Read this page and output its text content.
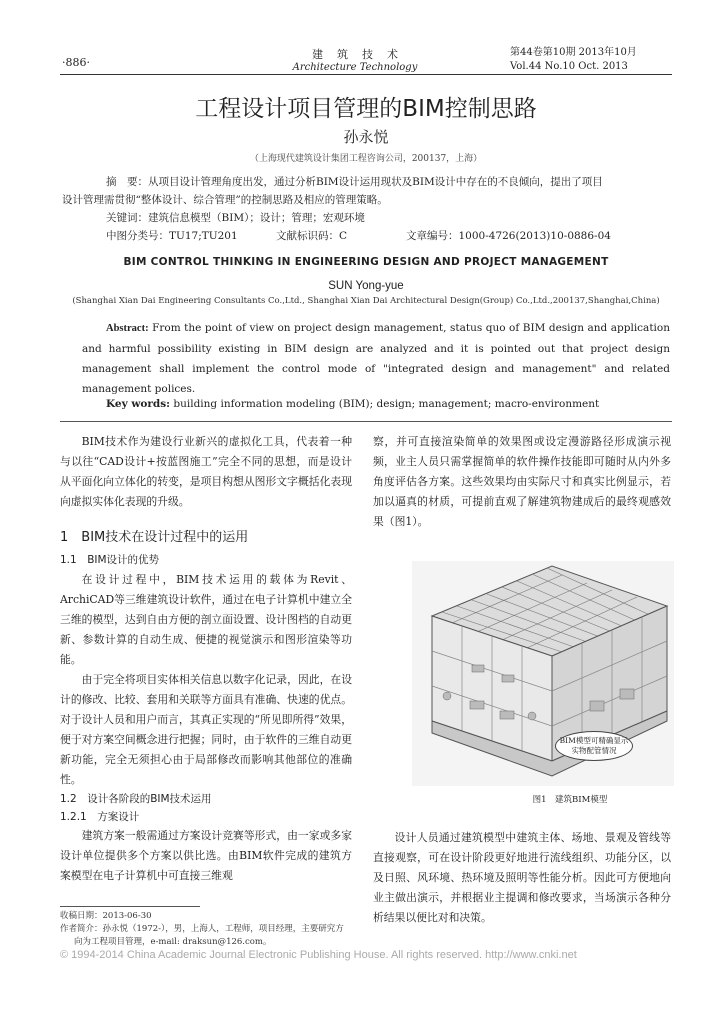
·886·
建筑技术
Architecture Technology
第44卷第10期 2013年10月
Vol.44 No.10 Oct. 2013
工程设计项目管理的BIM控制思路
孙永悦
（上海现代建筑设计集团工程咨询公司，200137，上海）
摘　要：从项目设计管理角度出发，通过分析BIM设计运用现状及BIM设计中存在的不良倾向，提出了项目
设计管理需贯彻“整体设计、综合管理”的控制思路及相应的管理策略。
关键词：建筑信息模型（BIM）；设计；管理；宏观环境
中图分类号：TU17;TU201	文献标识码：C	文章编号：1000-4726(2013)10-0886-04
BIM CONTROL THINKING IN ENGINEERING DESIGN AND PROJECT MANAGEMENT
SUN Yong-yue
(Shanghai Xian Dai Engineering Consultants Co.,Ltd., Shanghai Xian Dai Architectural Design(Group) Co.,Ltd.,200137,Shanghai,China)
Abstract: From the point of view on project design management, status quo of BIM design and application and harmful possibility existing in BIM design are analyzed and it is pointed out that project design management shall implement the control mode of "integrated design and management" and related management polices.
Key words: building information modeling (BIM); design; management; macro-environment

BIM技术作为建设行业新兴的虚拟化工具，代表着一种与以往“CAD设计+按蓝图施工”完全不同的思想，而是设计从平面化向立体化的转变，是项目构想从图形文字概括化表现向虚拟实体化表现的升级。

1　BIM技术在设计过程中的运用
1.1　BIM设计的优势

在设计过程中，BIM技术运用的载体为Revit、ArchiCAD等三维建筑设计软件，通过在电子计算机中建立全三维的模型，达到自由方便的剖立面设置、设计图档的自动更新、参数计算的自动生成、便捷的视觉演示和图形渲染等功能。

由于完全将项目实体相关信息以数字化记录，因此，在设计的修改、比较、套用和关联等方面具有准确、快速的优点。对于设计人员和用户而言，其真正实现的“所见即所得”效果，便于对方案空间概念进行把握；同时，由于软件的三维自动更新功能，完全无须担心由于局部修改而影响其他部位的准确性。

1.2　设计各阶段的BIM技术运用
1.2.1　方案设计

建筑方案一般需通过方案设计竞赛等形式，由一家或多家设计单位提供多个方案以供比选。由BIM软件完成的建筑方案模型在电子计算机中可直接三维观

察，并可直接渲染简单的效果图或设定漫游路径形成演示视频，业主人员只需掌握简单的软件操作技能即可随时从内外多角度评估各方案。这些效果均由实际尺寸和真实比例显示，若加以逼真的材质，可提前直观了解建筑物建成后的最终观感效果（图1）。

BIM模型可精确显示实物配管情况
图1　建筑BIM模型

设计人员通过建筑模型中建筑主体、场地、景观及管线等直接观察，可在设计阶段更好地进行流线组织、功能分区，以及日照、风环境、热环境及照明等性能分析。因此可方便地向业主做出演示，并根据业主提调和修改要求，当场演示各种分析结果以便比对和决策。

收稿日期：2013-06-30
作者简介：孙永悦（1972-），男，上海人，工程师，项目经理，主要研究方
向为工程项目管理，e-mail: draksun@126.com。
© 1994-2014 China Academic Journal Electronic Publishing House. All rights reserved. http://www.cnki.net
